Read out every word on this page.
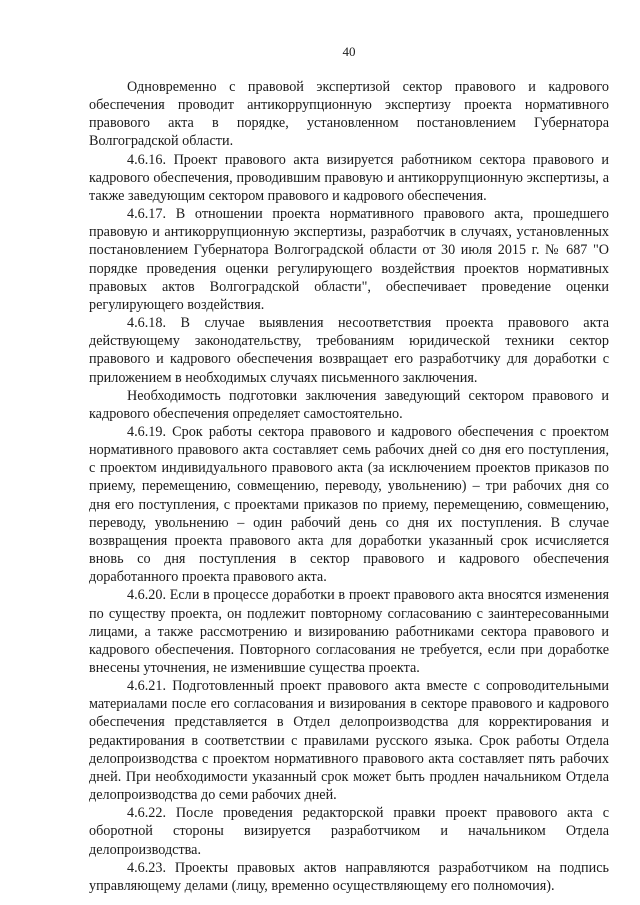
40

Одновременно с правовой экспертизой сектор правового и кадрового обеспечения проводит антикоррупционную экспертизу проекта нормативного правового акта в порядке, установленном постановлением Губернатора Волгоградской области.

4.6.16. Проект правового акта визируется работником сектора правового и кадрового обеспечения, проводившим правовую и антикоррупционную экспертизы, а также заведующим сектором правового и кадрового обеспечения.

4.6.17. В отношении проекта нормативного правового акта, прошедшего правовую и антикоррупционную экспертизы, разработчик в случаях, установленных постановлением Губернатора Волгоградской области от 30 июля 2015 г. № 687 "О порядке проведения оценки регулирующего воздействия проектов нормативных правовых актов Волгоградской области", обеспечивает проведение оценки регулирующего воздействия.

4.6.18. В случае выявления несоответствия проекта правового акта действующему законодательству, требованиям юридической техники сектор правового и кадрового обеспечения возвращает его разработчику для доработки с приложением в необходимых случаях письменного заключения.

Необходимость подготовки заключения заведующий сектором правового и кадрового обеспечения определяет самостоятельно.

4.6.19. Срок работы сектора правового и кадрового обеспечения с проектом нормативного правового акта составляет семь рабочих дней со дня его поступления, с проектом индивидуального правового акта (за исключением проектов приказов по приему, перемещению, совмещению, переводу, увольнению) – три рабочих дня со дня его поступления, с проектами приказов по приему, перемещению, совмещению, переводу, увольнению – один рабочий день со дня их поступления. В случае возвращения проекта правового акта для доработки указанный срок исчисляется вновь со дня поступления в сектор правового и кадрового обеспечения доработанного проекта правового акта.

4.6.20. Если в процессе доработки в проект правового акта вносятся изменения по существу проекта, он подлежит повторному согласованию с заинтересованными лицами, а также рассмотрению и визированию работниками сектора правового и кадрового обеспечения. Повторного согласования не требуется, если при доработке внесены уточнения, не изменившие существа проекта.

4.6.21. Подготовленный проект правового акта вместе с сопроводительными материалами после его согласования и визирования в секторе правового и кадрового обеспечения представляется в Отдел делопроизводства для корректирования и редактирования в соответствии с правилами русского языка. Срок работы Отдела делопроизводства с проектом нормативного правового акта составляет пять рабочих дней. При необходимости указанный срок может быть продлен начальником Отдела делопроизводства до семи рабочих дней.

4.6.22. После проведения редакторской правки проект правового акта с оборотной стороны визируется разработчиком и начальником Отдела делопроизводства.

4.6.23. Проекты правовых актов направляются разработчиком на подпись управляющему делами (лицу, временно осуществляющему его полномочия).
